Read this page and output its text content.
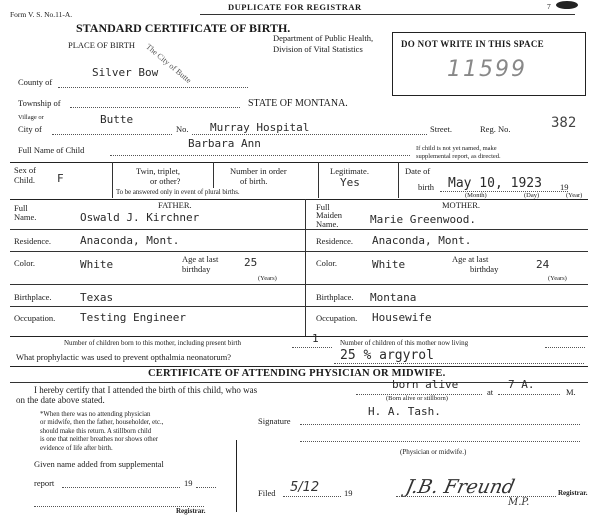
DUPLICATE FOR REGISTRAR
Form V. S. No.11-A.
7
STANDARD CERTIFICATE OF BIRTH.
PLACE OF BIRTH
Department of Public Health,
Division of Vital Statistics
The City of Butte	DO NOT WRITE IN THIS SPACE
11599
County of
Silver Bow
Township of	STATE OF MONTANA.
Village or
City of
Butte
No. Murray Hospital	Street.	Reg. No.	382
Full Name of Child	Barbara Ann	If child is not yet named, make
supplemental report, as directed.
Sex of
Child. F
Twin, triplet,
or other?
Number in order
of birth.
To be answered only in event of plural births.
Legitimate.
Yes
Date of
birth May 10, 1923 19
(Month)	(Day)	(Year)
FATHER.
Full
Name.	Oswald J. Kirchner
Residence.	Anaconda, Mont.
Color.	White	Age at last
birthday	25
(Years)
Birthplace.	Texas
Occupation. Testing Engineer
MOTHER.
Full
Maiden
Name.	Marie Greenwood.
Residence. Anaconda, Mont.
Color.	White	Age at last
birthday	24
(Years)
Birthplace. Montana
Occupation. Housewife
Number of children born to this mother, including present birth	1	Number of children of this mother now living
What prophylactic was used to prevent opthalmia neonatorum?	25 % argyrol
CERTIFICATE OF ATTENDING PHYSICIAN OR MIDWIFE.
I hereby certify that I attended the birth of this child, who was	born alive
(Born alive or stillborn)
at
7 A.
M.
on the date above stated.
*When there was no attending physician
or midwife, then the father, householder, etc.,
should make this return. A stillborn child
is one that neither breathes nor shows other
evidence of life after birth.
Signature
H. A. Tash.
(Physician or midwife.)
Given name added from supplemental
report	19
Registrar.
Filed 5/12	19	J.B. Freund
M.P.
Registrar.
